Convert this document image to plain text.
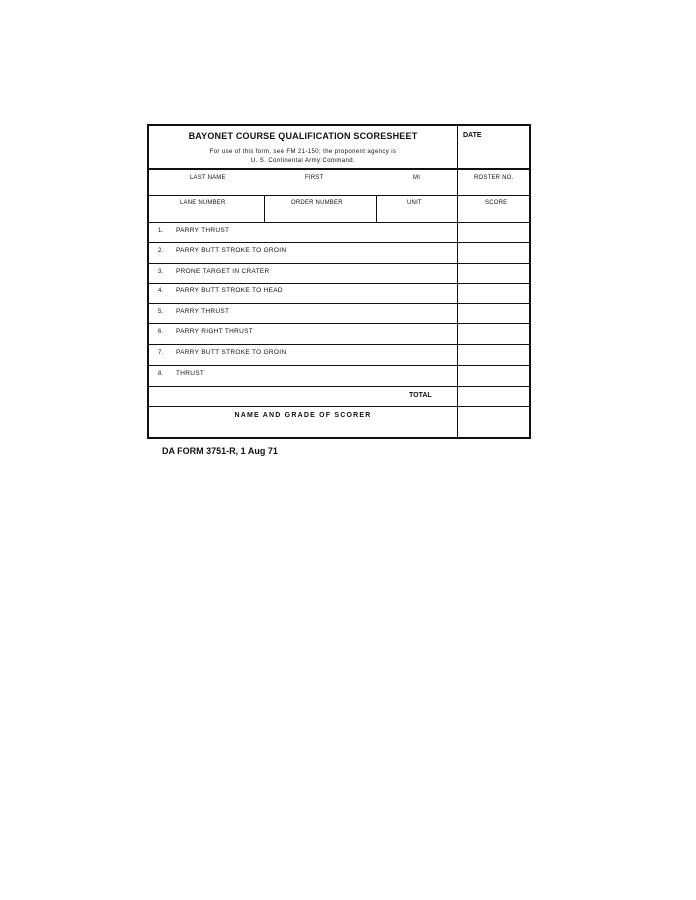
BAYONET COURSE QUALIFICATION SCORESHEET
For use of this form, see FM 21-150; the proponent agency is
U. S. Continental Army Command.
DATE
LAST NAME	FIRST	MI	ROSTER NO.
LANE NUMBER	ORDER NUMBER	UNIT	SCORE
1. PARRY THRUST
2. PARRY BUTT STROKE TO GROIN
3. PRONE TARGET IN CRATER
4. PARRY BUTT STROKE TO HEAD
5. PARRY THRUST
6. PARRY RIGHT THRUST
7. PARRY BUTT STROKE TO GROIN
8. THRUST
TOTAL
NAME AND GRADE OF SCORER
DA FORM 3751-R, 1 Aug 71
